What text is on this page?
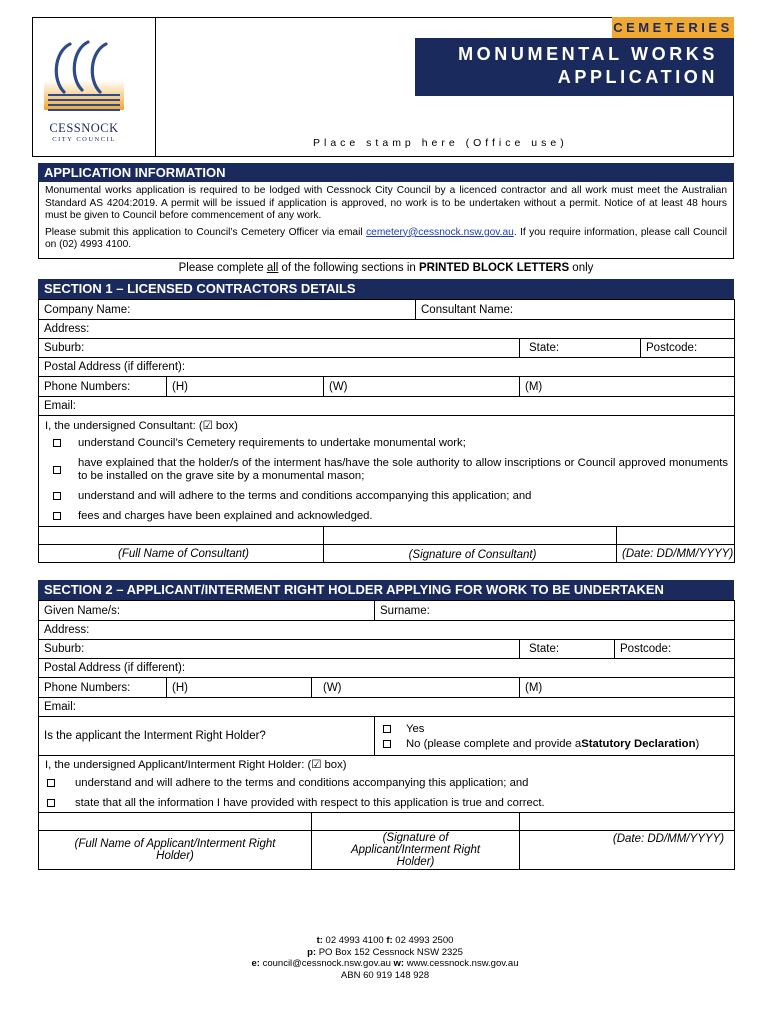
CESSNOCK
CITY COUNCIL
CEMETERIES
MONUMENTAL WORKS
APPLICATION
Place stamp here (Office use)
APPLICATION INFORMATION
Monumental works application is required to be lodged with Cessnock City Council by a licenced contractor and all work must meet the Australian Standard AS 4204:2019. A permit will be issued if application is approved, no work is to be undertaken without a permit. Notice of at least 48 hours must be given to Council before commencement of any work.
Please submit this application to Council’s Cemetery Officer via email cemetery@cessnock.nsw.gov.au. If you require information, please call Council on (02) 4993 4100.
Please complete all of the following sections in PRINTED BLOCK LETTERS only
SECTION 1 – LICENSED CONTRACTORS DETAILS
Company Name:			Consultant Name:			
Address:						
Suburb:				State:		Postcode:
Postal Address (if different):						
Phone Numbers:	(H)	(W)		(M)		
Email:						

I, the undersigned Consultant: (☑ box)
understand Council’s Cemetery requirements to undertake monumental work;
have explained that the holder/s of the interment has/have the sole authority to allow inscriptions or Council approved monuments to be installed on the grave site by a monumental mason;
understand and will adhere to the terms and conditions accompanying this application; and
fees and charges have been explained and acknowledged.						

(Full Name of Consultant)		(Signature of Consultant)			(Date: DD/MM/YYYY)	
SECTION 2 – APPLICANT/INTERMENT RIGHT HOLDER APPLYING FOR WORK TO BE UNDERTAKEN
Given Name/s:			Surname:		
Address:					
Suburb:				State:	Postcode:
Postal Address (if different):					
Phone Numbers:	(H)	(W)		(M)	
Email:					
Is the applicant the Interment Right Holder?			Yes
No (please complete and provide a Statutory Declaration )		

I, the undersigned Applicant/Interment Right Holder: (☑ box)
understand and will adhere to the terms and conditions accompanying this application; and
state that all the information I have provided with respect to this application is true and correct.					

(Full Name of Applicant/Interment Right Holder)		(Signature of Applicant/Interment Right Holder)		(Date: DD/MM/YYYY)	
t: 02 4993 4100 f: 02 4993 2500
p: PO Box 152 Cessnock NSW 2325
e: council@cessnock.nsw.gov.au w: www.cessnock.nsw.gov.au
ABN 60 919 148 928
